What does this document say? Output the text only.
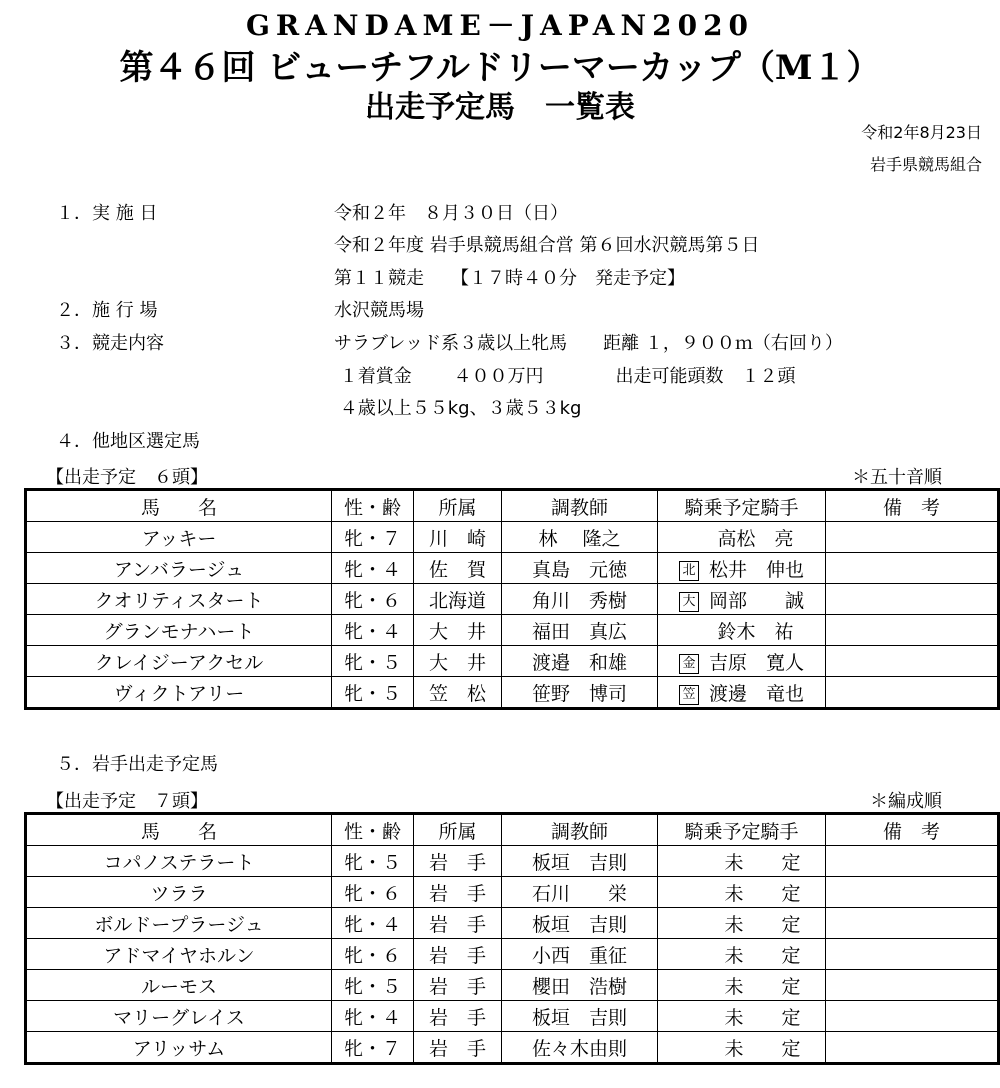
GRANDAME－JAPAN2020
第４６回 ビューチフルドリーマーカップ（M１）
出走予定馬　一覧表
令和2年8月23日
岩手県競馬組合
１．実 施 日	令和２年　８月３０日（日）
令和２年度 岩手県競馬組合営 第６回水沢競馬第５日
第１１競走　　【１７時４０分　発走予定】
２．施 行 場	水沢競馬場
３．競走内容	サラブレッド系３歳以上牝馬　　距離 １，９００ｍ（右回り）
１着賞金　　 ４００万円　　　　出走可能頭数　１２頭
４歳以上５５kg、３歳５３kg
４．他地区選定馬
【出走予定　６頭】	＊五十音順
馬　　名	性・齢	所属	調教師	騎乗予定騎手	備　考
アッキー	牝・７	川　崎	林　 隆之	高松　亮	
アンバラージュ	牝・４	佐　賀	真島　元徳	北 松井　伸也	
クオリティスタート	牝・６	北海道	角川　秀樹	大 岡部　　誠	
グランモナハート	牝・４	大　井	福田　真広	鈴木　祐	
クレイジーアクセル	牝・５	大　井	渡邉　和雄	金 吉原　寛人	
ヴィクトアリー	牝・５	笠　松	笹野　博司	笠 渡邊　竜也	
５．岩手出走予定馬
【出走予定　７頭】	＊編成順
馬　　名	性・齢	所属	調教師	騎乗予定騎手	備　考
コパノステラート	牝・５	岩　手	板垣　吉則	未　　定	
ツララ	牝・６	岩　手	石川　　栄	未　　定	
ボルドープラージュ	牝・４	岩　手	板垣　吉則	未　　定	
アドマイヤホルン	牝・６	岩　手	小西　重征	未　　定	
ルーモス	牝・５	岩　手	櫻田　浩樹	未　　定	
マリーグレイス	牝・４	岩　手	板垣　吉則	未　　定	
アリッサム	牝・７	岩　手	佐々木由則	未　　定	
